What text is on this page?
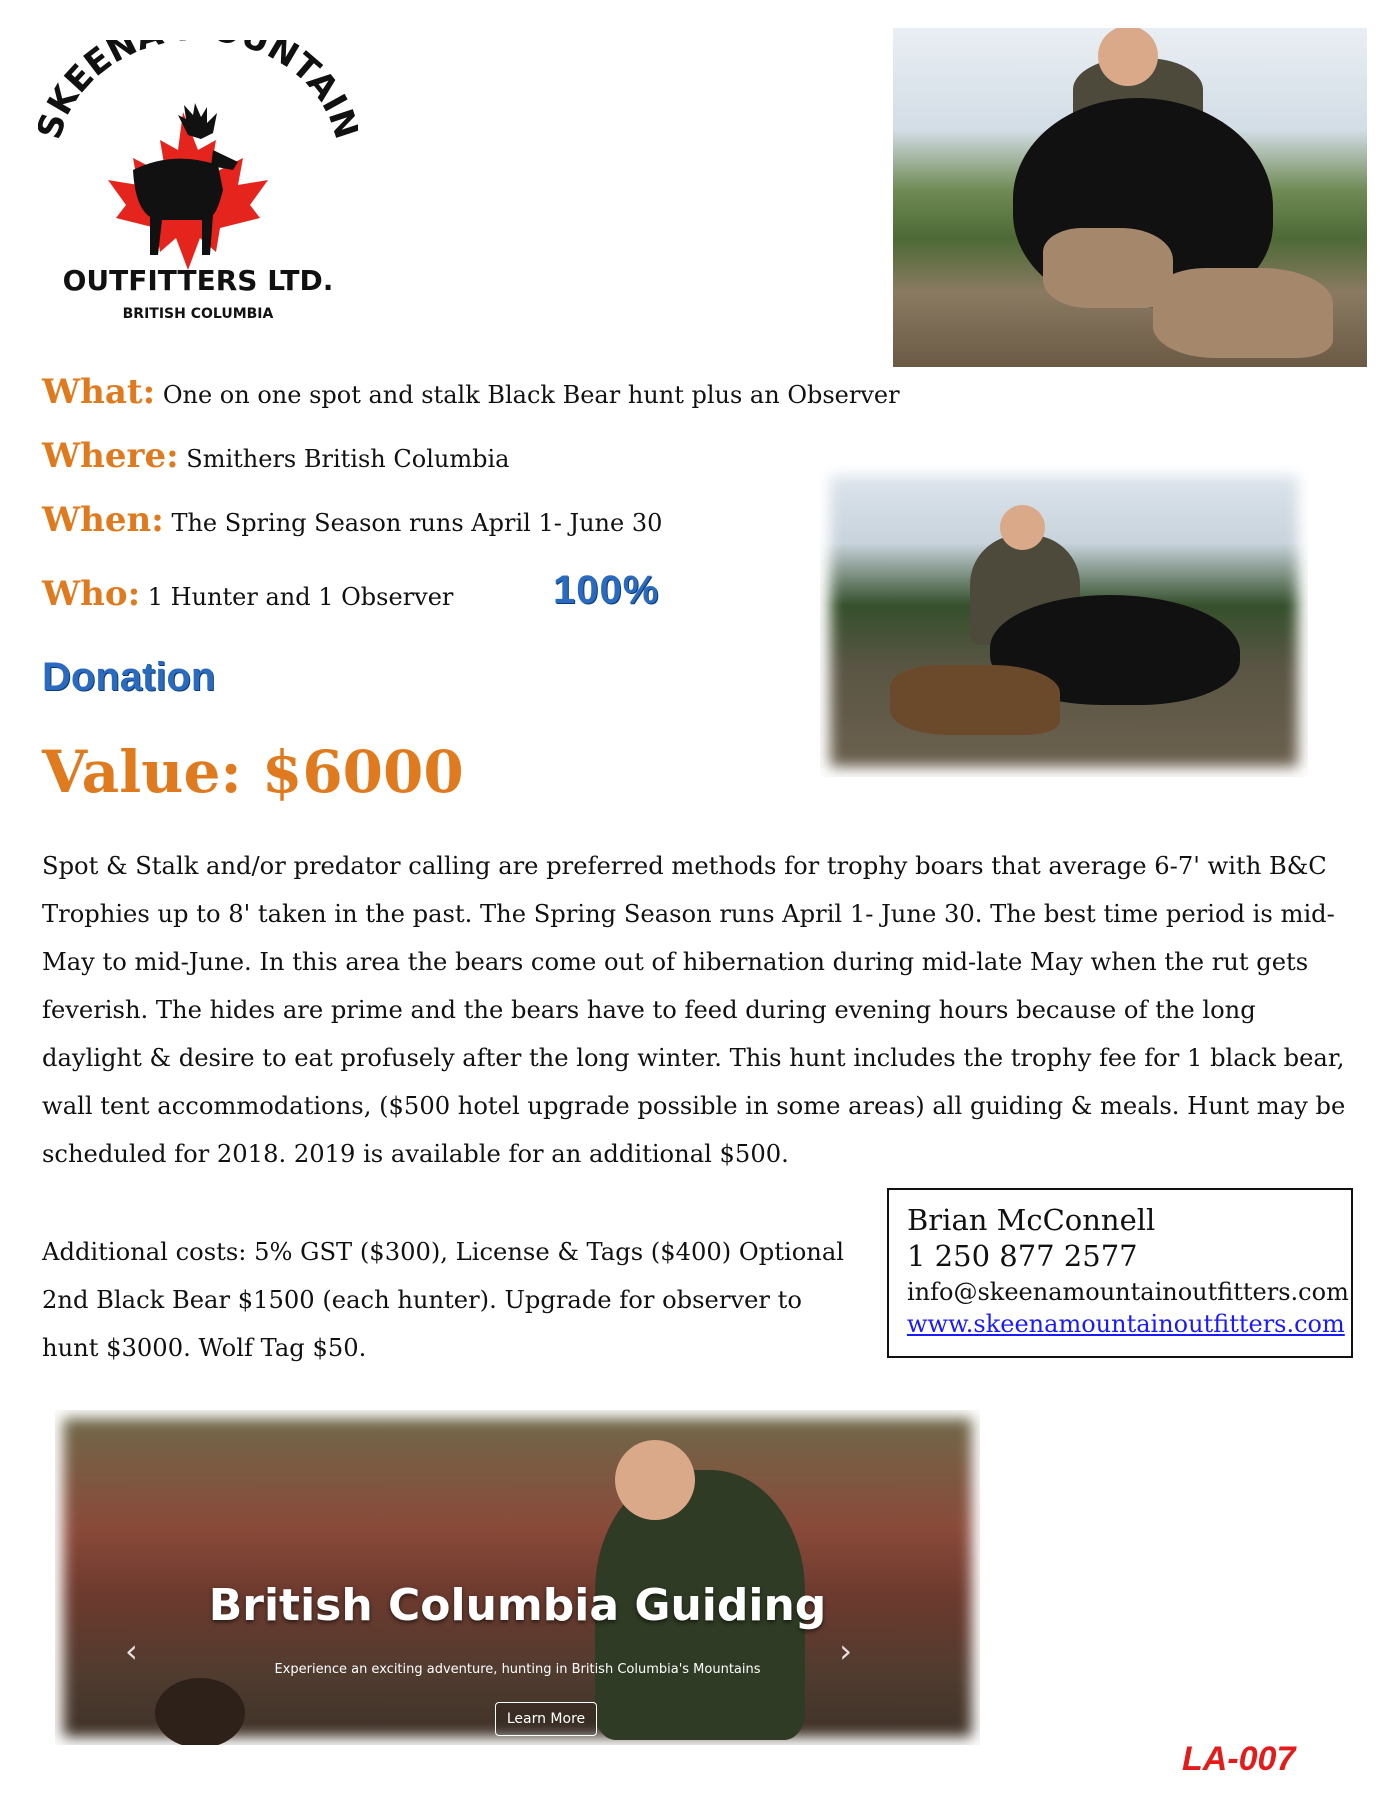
KEEN NTAI
OUTFITTERS LTD.
BRITISH COLUMBIA
What: One on one spot and stalk Black Bear hunt plus an Observer
Where: Smithers British Columbia
When: The Spring Season runs April 1- June 30
Who: 1 Hunter and 1 Observer 100%
Donation
Value: $6000
Spot & Stalk and/or predator calling are preferred methods for trophy boars that average 6-7' with B&C Trophies up to 8' taken in the past. The Spring Season runs April 1- June 30. The best time period is mid-May to mid-June. In this area the bears come out of hibernation during mid-late May when the rut gets feverish. The hides are prime and the bears have to feed during evening hours because of the long daylight & desire to eat profusely after the long winter. This hunt includes the trophy fee for 1 black bear, wall tent accommodations, ($500 hotel upgrade possible in some areas) all guiding & meals. Hunt may be scheduled for 2018. 2019 is available for an additional $500.
Additional costs: 5% GST ($300), License & Tags ($400) Optional 2nd Black Bear $1500 (each hunter). Upgrade for observer to hunt $3000. Wolf Tag $50.
Brian McConnell
1 250 877 2577
info@skeenamountainoutfitters.com
www.skeenamountainoutfitters.com
‹	›
British Columbia Guiding
Experience an exciting adventure, hunting in British Columbia's Mountains
Learn More
LA-007
